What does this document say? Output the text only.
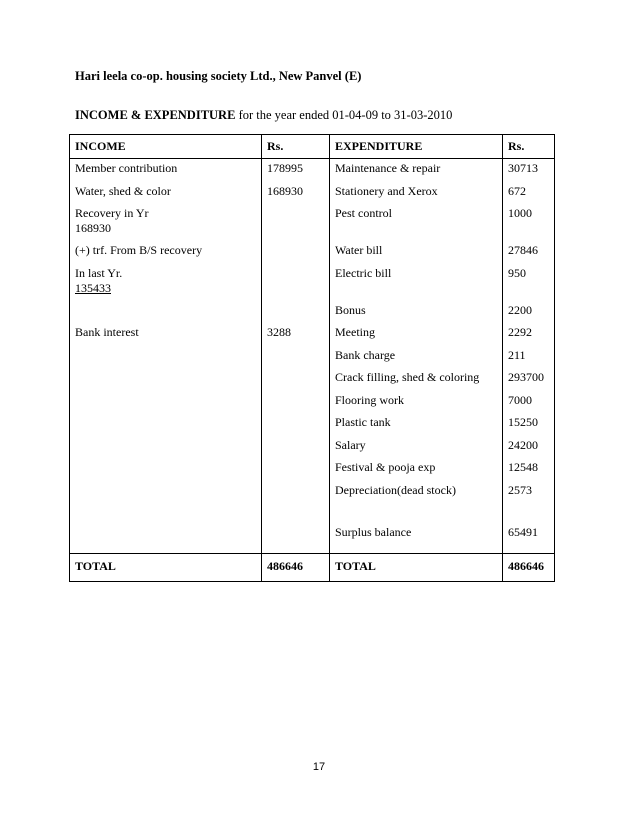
Hari leela co-op. housing society Ltd., New Panvel (E)
INCOME & EXPENDITURE for the year ended 01-04-09 to 31-03-2010
INCOME	Rs.	EXPENDITURE	Rs.
Member contribution	178995	Maintenance & repair	30713
Water, shed & color	168930	Stationery and Xerox	672
Recovery in Yr
168930		Pest control	1000
(+) trf. From B/S recovery		Water bill	27846
In last Yr.
135433		Electric bill	950
		Bonus	2200
Bank interest	3288	Meeting	2292
		Bank charge	211
		Crack filling, shed & coloring	293700
		Flooring work	7000
		Plastic tank	15250
		Salary	24200
		Festival & pooja exp	12548
		Depreciation(dead stock)	2573

		Surplus balance	65491

TOTAL	486646	TOTAL	486646
17
